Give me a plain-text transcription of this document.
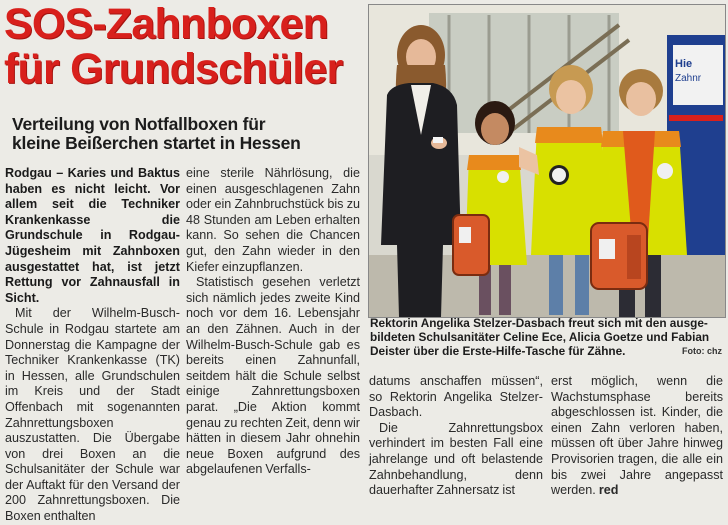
SOS-Zahnboxen
für Grundschüler
Verteilung von Notfallboxen für
kleine Beißerchen startet in Hessen

Rodgau – Karies und Baktus haben es nicht leicht. Vor allem seit die Techniker Krankenkasse die Grundschule in Rodgau-Jügesheim mit Zahnboxen ausgestattet hat, ist jetzt Rettung vor Zahnausfall in Sicht.

Mit der Wilhelm-Busch-Schule in Rodgau startete am Donnerstag die Kampagne der Techniker Krankenkasse (TK) in Hessen, alle Grundschulen im Kreis und der Stadt Offenbach mit sogenannten Zahnrettungsboxen auszustatten. Die Übergabe von drei Boxen an die Schulsanitäter der Schule war der Auftakt für den Versand der 200 Zahnrettungsboxen. Die Boxen enthalten

eine sterile Nährlösung, die einen ausgeschlagenen Zahn oder ein Zahnbruchstück bis zu 48 Stunden am Leben erhalten kann. So sehen die Chancen gut, den Zahn wieder in den Kiefer einzupflanzen.

Statistisch gesehen verletzt sich nämlich jedes zweite Kind noch vor dem 16. Lebensjahr an den Zähnen. Auch in der Wilhelm-Busch-Schule gab es bereits einen Zahnunfall, seitdem hält die Schule selbst einige Zahnrettungsboxen parat. „Die Aktion kommt genau zu rechten Zeit, denn wir hätten in diesem Jahr ohnehin neue Boxen aufgrund des abgelaufenen Verfalls-

Hie
Zahnr

Rektorin Angelika Stelzer-Dasbach freut sich mit den ausge-
bildeten Schulsanitäter Celine Ece, Alicia Goetze und Fabian
Deister über die Erste-Hilfe-Tasche für Zähne.	Foto: chz

datums anschaffen müssen“, so Rektorin Angelika Stelzer-Dasbach.

Die Zahnrettungsbox verhindert im besten Fall eine jahrelange und oft belastende Zahnbehandlung, denn dauerhafter Zahnersatz ist

erst möglich, wenn die Wachstumsphase bereits abgeschlossen ist. Kinder, die einen Zahn verloren haben, müssen oft über Jahre hinweg Provisorien tragen, die alle ein bis zwei Jahre angepasst werden. red
